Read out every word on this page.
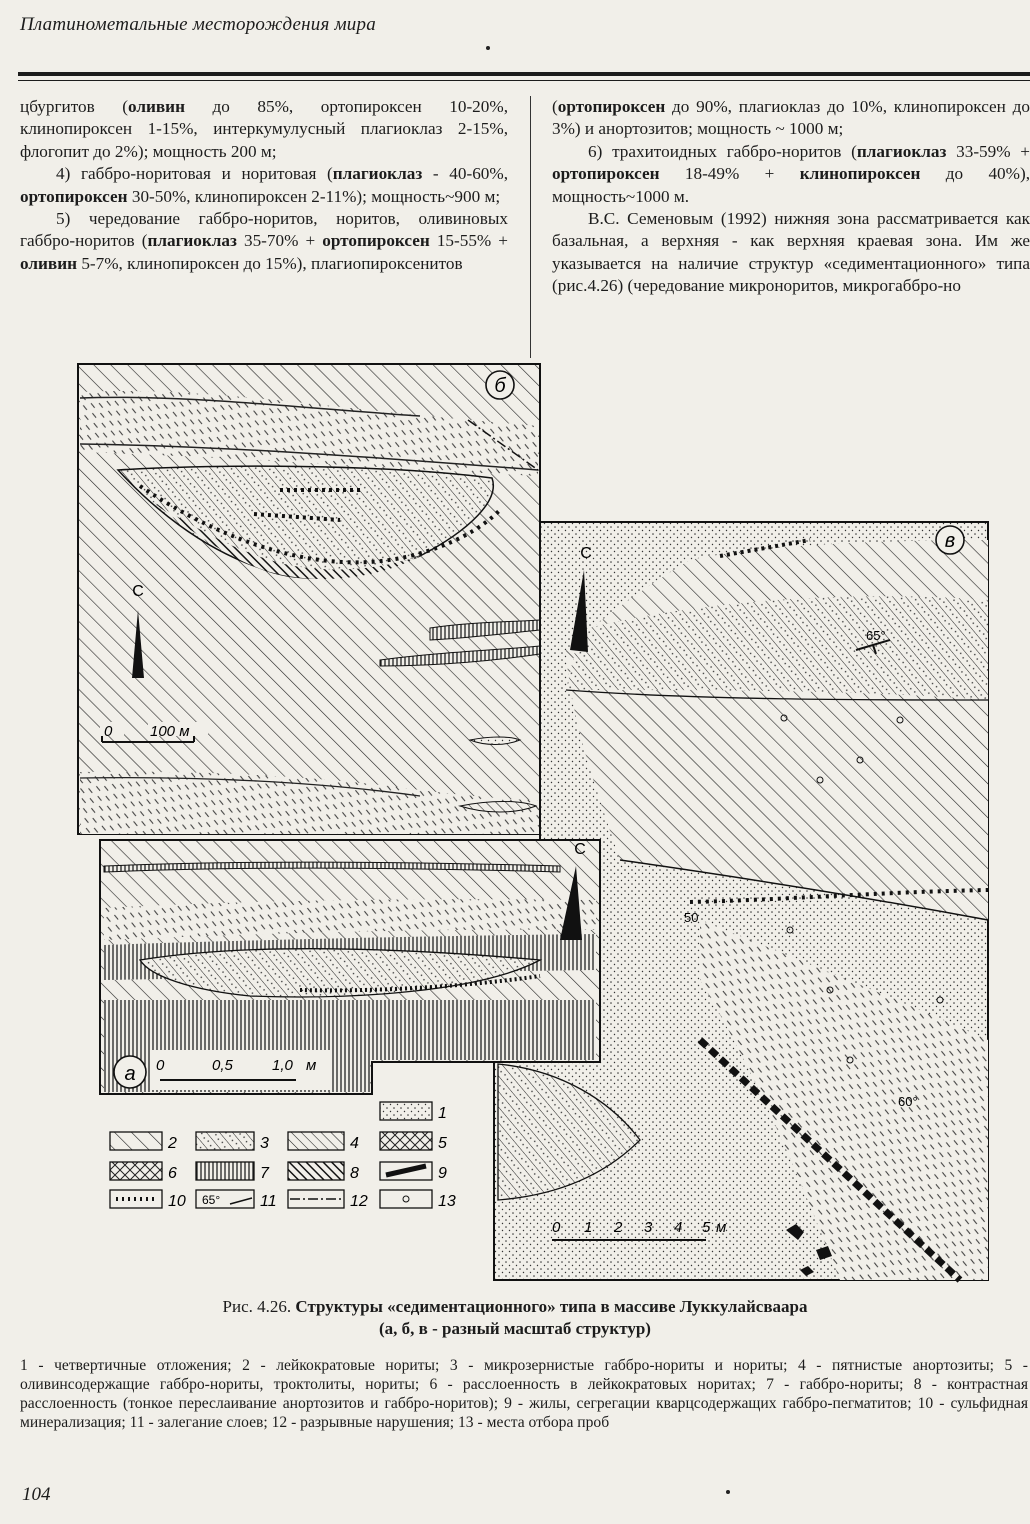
Платинометальные месторождения мира

цбургитов (оливин до 85%, ортопироксен 10-20%, клинопироксен 1-15%, интеркумулусный плагиоклаз 2-15%, флогопит до 2%); мощность 200 м;

4) габбро-норитовая и норитовая (плагиоклаз - 40-60%, ортопироксен 30-50%, клинопироксен 2-11%); мощность~900 м;

5) чередование габбро-норитов, норитов, оливиновых габбро-норитов (плагиоклаз 35-70% + ортопироксен 15-55% + оливин 5-7%, клинопироксен до 15%), плагиопироксенитов

(ортопироксен до 90%, плагиоклаз до 10%, клинопироксен до 3%) и анортозитов; мощность ~ 1000 м;

6) трахитоидных габбро-норитов (плагиоклаз 33-59% + ортопироксен 18-49% + клинопироксен до 40%), мощность~1000 м.

В.С. Семеновым (1992) нижняя зона рассматривается как базальная, а верхняя - как верхняя краевая зона. Им же указывается на наличие структур «седиментационного» типа (рис.4.26) (чередование микроноритов, микрогаббро-но

б
С
0	100 м
в
С
65°
50
60°
0 1 2 3 4 5 м
С
а 0	0,5	1,0 м
1
2	3	4	5
6	7	8	9
10 65° 11	12	13
Рис. 4.26. Структуры «седиментационного» типа в массиве Луккулайсваара
(а, б, в - разный масштаб структур)

1 - четвертичные отложения; 2 - лейкократовые нориты; 3 - микрозернистые габбро-нориты и нориты; 4 - пятнистые анортозиты; 5 - оливинсодержащие габбро-нориты, троктолиты, нориты; 6 - расслоенность в лейкократовых норитах; 7 - габбро-нориты; 8 - контрастная расслоенность (тонкое переслаивание анортозитов и габбро-норитов); 9 - жилы, сегрегации кварцсодержащих габбро-пегматитов; 10 - сульфидная минерализация; 11 - залегание слоев; 12 - разрывные нарушения; 13 - места отбора проб

104
